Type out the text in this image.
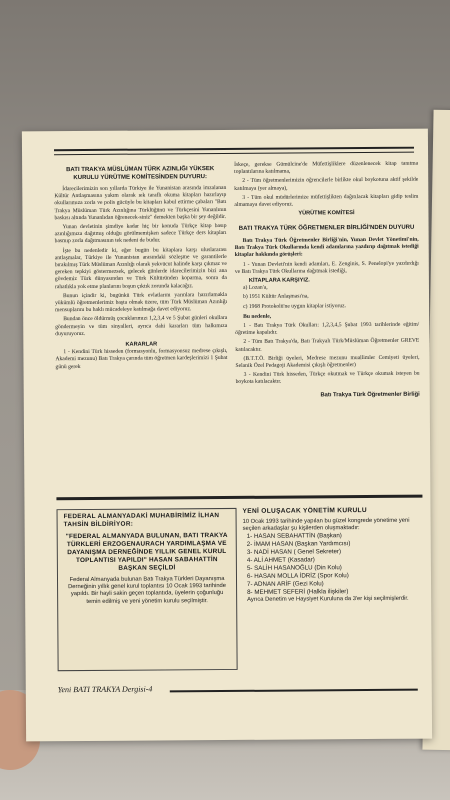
BATI TRAKYA MÜSLÜMAN TÜRK AZINLIĞI YÜKSEK KURULU YÜRÜTME KOMİTESİNDEN DUYURU:

İdarecilerimizin son yıllarda Türkiye ile Yunanistan arasında imzalanan Kültür Antlaşmasına yakım olarak ıek taraflı okuma kitapları hazırlayıp okullarımıza zorla ve polis gücüyle bu kitapları kabul ettirme çabaları "Batı Trakya Müslüman Türk Azınlığına Türklüğünü ve Türkçesini Yunanlının baskısı altında Yunanlıdan öğrenecek-siniz" demekten başka bir şey değildir.

Yunan devletinin şimdiye kadar hiç bir konuda Türkçe kitap basıp azınlığımıza dağıtmış olduğu görülmemişken sadece Türkçe ders kitapları basmıp zorla dağıtmasının tek nedeni de budur.

İşte bu nedenledir ki, eğer bugün bu kitaplara karşı uluslararası antlaşmalar, Türkiye ile Yunanistan arasındaki sözleşme ve garantilerle bırakılmış Türk Müslüman Azınlığı olarak yekvücut halinde karşı çıkmaz ve gereken tepkiyi göstermezsek, gelecek günlerde idarecilerimizin bizi ana gövdemiz Türk dünyasından ve Türk Kültüründen koparma, sonra da rahatlıkla yok etme planlarını boşun çıktık zorunda kalacağız.

Bunun içindir ki, bugünkü Türk evlatlarını yarınlara hazırlamakla yükümlü öğretmenlerimiz başta olmak üzere, tüm Türk Müslüman Azınlığı mensuplarını bu haklı mücadeleye katılmağa davet ediyoruz.

Bundan önce öldürmüş çocuklarımızı 1,2,3,4 ve 5 Şubat günleri okullara göndermeyin ve tüm sinyalleri, ayrıca dahi kararları tüm halkımıza duyuruyoruz.

KARARLAR

1 - Kendini Türk hisseden (formasyonlu, formasyonsuz medrese çıkışlı, Akademi mezunu) Batı Trakya çarında tüm öğretmen kardeşlerimizi 1 Şubat günü gerek

İskeçe, gerekse Gümülcine'de Müfettişliklere düzenlenecek kitap tanıtma toplantılarına katılmama,

2 - Tüm öğretmenlerimizin öğrencilerle birlikte okul boykotuna aktif şekilde katılmaya (yer almaya),

3 - Tüm okul müdürlerimize müfettişlikten dağıtılacak kitapları gidip teslim almamaya davet ediyoruz.

YÜRÜTME KOMİTESİ
BATI TRAKYA TÜRK ÖĞRETMENLER BİRLİĞİ'NDEN DUYURU

Batı Trakya Türk Öğretmenler Birliği'nin, Yunan Devlet Yönetimi'nin, Batı Trakya Türk Okullarında kendi adamlarına yazdırıp dağıtmak istediği kitaplar hakkında görüşleri:

1 - Yunan Devleti'nin kendi adamları, E. Zenginis, S. Penelopi'ye yazdırdığı ve Batı Trakya Türk Okullarına dağıtmak istediği,

KİTAPLARA KARŞIYIZ.

a) Lozan'a,

b) 1951 Kültür Anlaşması'na,

c) 1968 Protokolü'ne uygun kitaplar istiyoruz.

Bu nedenle,

1 - Batı Trakya Türk Okulları: 1,2,3,4,5 Şubat 1993 tarihlerinde eğitim/öğretime kapalıdır.

2 - Tüm Batı Trakya'da, Batı Trakyalı Türk/Müslüman Öğretmenler GREVE katılacaktır.

(B.T.T.Ö. Birliği üyeleri, Medrese mezunu muallimler Cemiyeti üyeleri, Selanik Özel Pedagoji Akademisi çıkışlı öğretmenler)

3 - Kendini Türk hisseden, Türkçe okutmak ve Türkçe okumak isteyen bu boykota katılacaktır.

Batı Trakya Türk Öğretmenler Birliği
FEDERAL ALMANYADAKİ MUHABİRİMİZ İLHAN TAHSİN BİLDİRİYOR:
"FEDERAL ALMANYADA BULUNAN, BATI TRAKYA TÜRKLERİ ERZOGENAURACH YARDIMLAŞMA VE DAYANIŞMA DERNEĞİNDE YILLIK GENEL KURUL TOPLANTISI YAPILDI" HASAN SABAHATTİN BAŞKAN SEÇİLDİ
Federal Almanyada bulunan Batı Trakya Türkleri Dayanışma Derneğinin yıllık genel kurul toplantısı 10 Ocak 1993 tarihinde yapıldı. Bir hayli sakin geçen toplantıda, üyelerin çoğunluğu temin edilmiş ve yeni yönetim kurulu seçilmiştir.
YENİ OLUŞACAK YÖNETİM KURULU
10 Ocak 1993 tarihinde yapılan bu güzel kongrede yönetime yeni seçilen arkadaşlar şu kişilerden oluşmaktadır:
1- HASAN SEBAHATTİN (Başkan)
2- İMAM HASAN (Başkan Yardımcısı)
3- NADİ HASAN ( Genel Sekreter)
4- ALİ AHMET (Kasadar)
5- SALİH HASANOĞLU (Din Kolu)
6- HASAN MOLLA İDRİZ (Spor Kolu)
7- ADNAN ARİF (Gezi Kolu)
8- MEHMET SEFERİ (Halkla ilişkiler)
Ayrıca Denetim ve Haysiyet Kuruluna da 3'er kişi seçilmişlerdir.
Yeni BATI TRAKYA Dergisi-4
